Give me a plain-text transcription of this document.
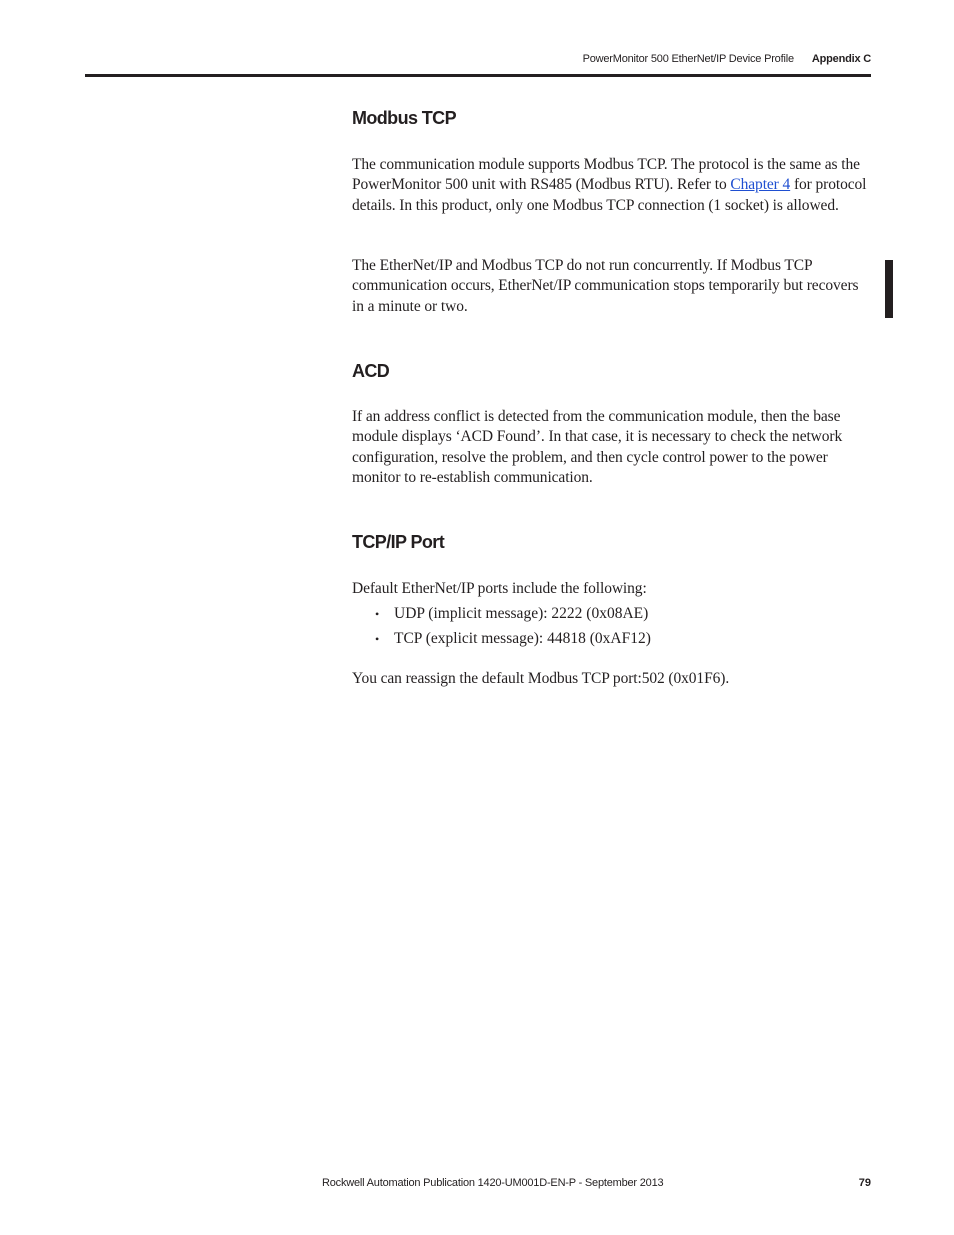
PowerMonitor 500 EtherNet/IP Device Profile Appendix C
Modbus TCP

The communication module supports Modbus TCP. The protocol is the same as the PowerMonitor 500 unit with RS485 (Modbus RTU). Refer to Chapter 4 for protocol details. In this product, only one Modbus TCP connection (1 socket) is allowed.

The EtherNet/IP and Modbus TCP do not run concurrently. If Modbus TCP communication occurs, EtherNet/IP communication stops temporarily but recovers in a minute or two.

ACD

If an address conflict is detected from the communication module, then the base module displays ‘ACD Found’. In that case, it is necessary to check the network configuration, resolve the problem, and then cycle control power to the power monitor to re-establish communication.

TCP/IP Port

Default EtherNet/IP ports include the following:

• UDP (implicit message): 2222 (0x08AE)
• TCP (explicit message): 44818 (0xAF12)

You can reassign the default Modbus TCP port:502 (0x01F6).

Rockwell Automation Publication 1420-UM001D-EN-P - September 2013	79
